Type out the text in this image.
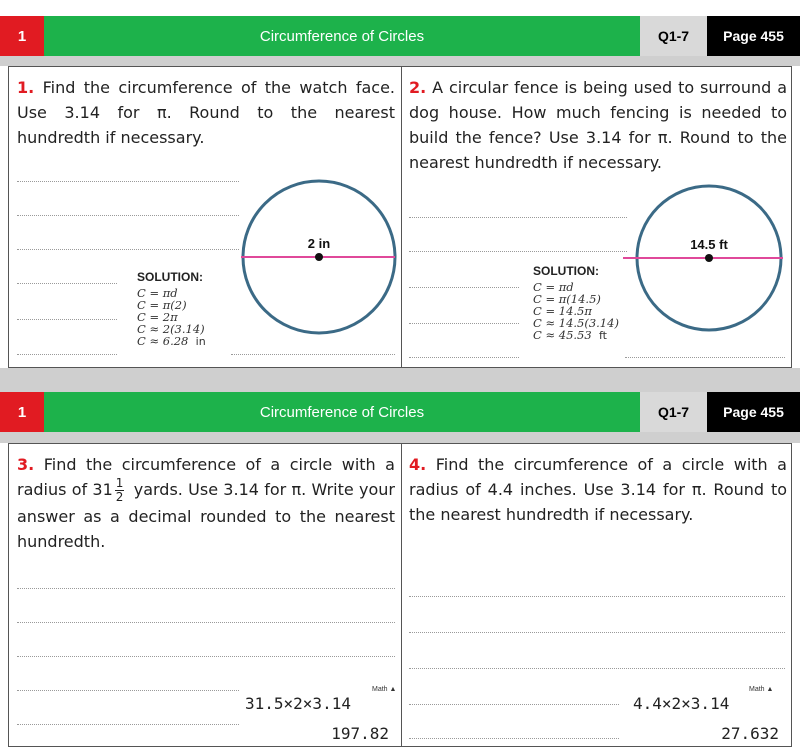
1	Circumference of Circles	Q1-7	Page 455
1. Find the circumference of the watch face. Use 3.14 for π. Round to the nearest hundredth if necessary.
2 in
SOLUTION:
C = πd
C = π(2)
C = 2π
C ≈ 2(3.14)
C ≈ 6.28 in
2. A circular fence is being used to surround a dog house. How much fencing is needed to build the fence? Use 3.14 for π. Round to the nearest hundredth if necessary.
14.5 ft
SOLUTION:
C = πd
C = π(14.5)
C = 14.5π
C ≈ 14.5(3.14)
C ≈ 45.53 ft
1	Circumference of Circles	Q1-7	Page 455
3. Find the circumference of a circle with a radius of $31 \frac{1}{2}$ yards. Use 3.14 for π. Write your answer as a decimal rounded to the nearest hundredth.
Math ▲
31.5×2×3.14
197.82
4. Find the circumference of a circle with a radius of 4.4 inches. Use 3.14 for π. Round to the nearest hundredth if necessary.
Math ▲
4.4×2×3.14
27.632
